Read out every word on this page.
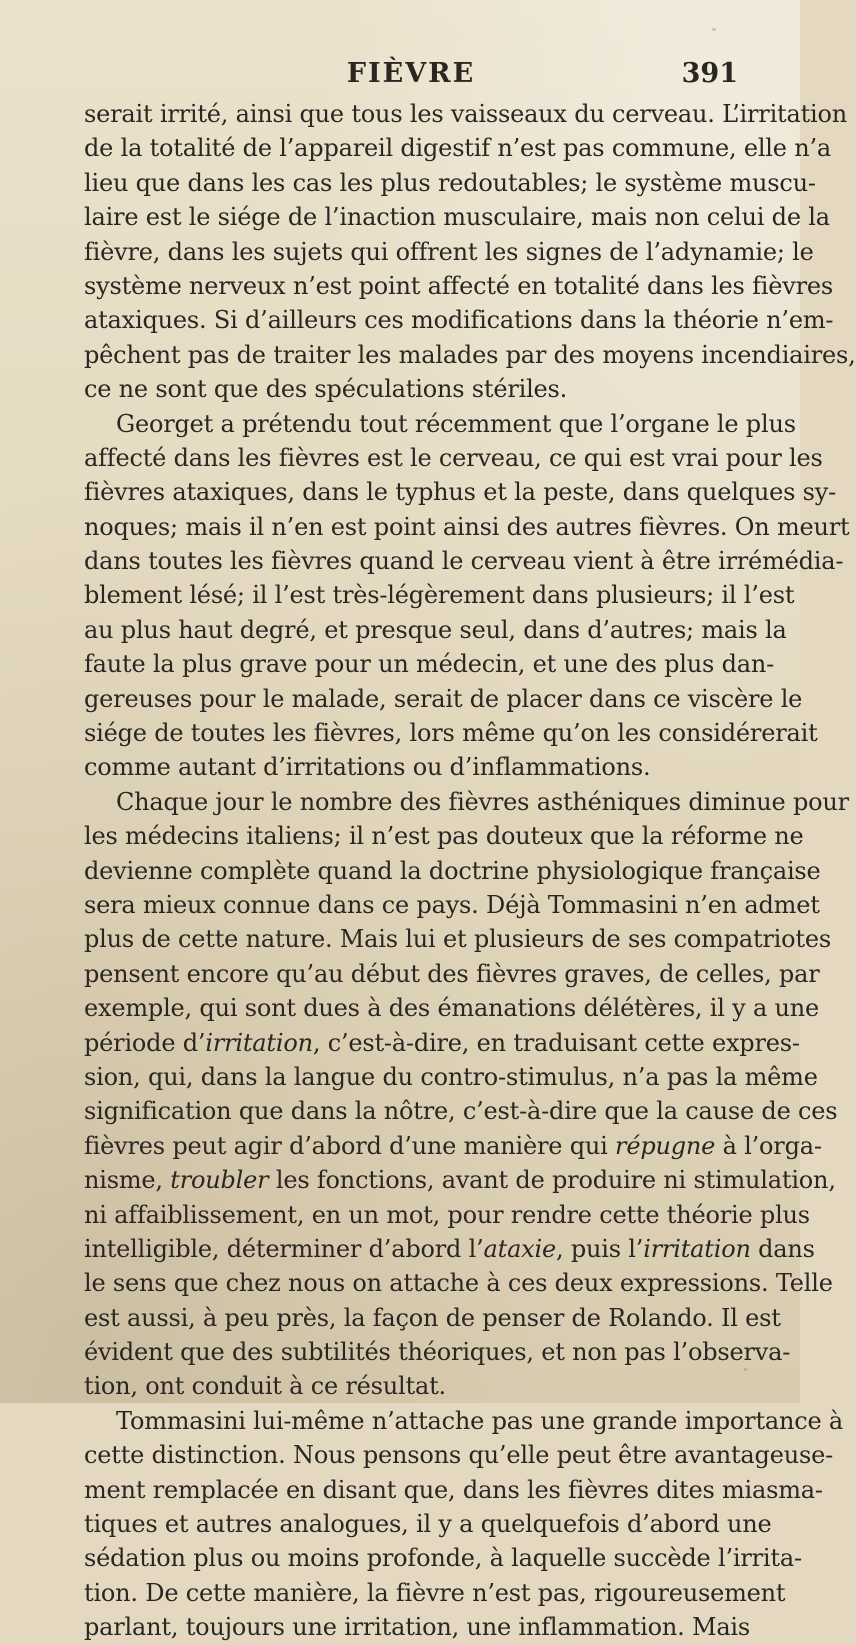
FIÈVRE	391
serait irrité, ainsi que tous les vaisseaux du cerveau. L’irritation
de la totalité de l’appareil digestif n’est pas commune, elle n’a
lieu que dans les cas les plus redoutables; le système muscu-
laire est le siége de l’inaction musculaire, mais non celui de la
fièvre, dans les sujets qui offrent les signes de l’adynamie; le
système nerveux n’est point affecté en totalité dans les fièvres
ataxiques. Si d’ailleurs ces modifications dans la théorie n’em-
pêchent pas de traiter les malades par des moyens incendiaires,
ce ne sont que des spéculations stériles.
Georget a prétendu tout récemment que l’organe le plus
affecté dans les fièvres est le cerveau, ce qui est vrai pour les
fièvres ataxiques, dans le typhus et la peste, dans quelques sy-
noques; mais il n’en est point ainsi des autres fièvres. On meurt
dans toutes les fièvres quand le cerveau vient à être irrémédia-
blement lésé; il l’est très-légèrement dans plusieurs; il l’est
au plus haut degré, et presque seul, dans d’autres; mais la
faute la plus grave pour un médecin, et une des plus dan-
gereuses pour le malade, serait de placer dans ce viscère le
siége de toutes les fièvres, lors même qu’on les considérerait
comme autant d’irritations ou d’inflammations.
Chaque jour le nombre des fièvres asthéniques diminue pour
les médecins italiens; il n’est pas douteux que la réforme ne
devienne complète quand la doctrine physiologique française
sera mieux connue dans ce pays. Déjà Tommasini n’en admet
plus de cette nature. Mais lui et plusieurs de ses compatriotes
pensent encore qu’au début des fièvres graves, de celles, par
exemple, qui sont dues à des émanations délétères, il y a une
période d’irritation, c’est-à-dire, en traduisant cette expres-
sion, qui, dans la langue du contro-stimulus, n’a pas la même
signification que dans la nôtre, c’est-à-dire que la cause de ces
fièvres peut agir d’abord d’une manière qui répugne à l’orga-
nisme, troubler les fonctions, avant de produire ni stimulation,
ni affaiblissement, en un mot, pour rendre cette théorie plus
intelligible, déterminer d’abord l’ataxie, puis l’irritation dans
le sens que chez nous on attache à ces deux expressions. Telle
est aussi, à peu près, la façon de penser de Rolando. Il est
évident que des subtilités théoriques, et non pas l’observa-
tion, ont conduit à ce résultat.
Tommasini lui-même n’attache pas une grande importance à
cette distinction. Nous pensons qu’elle peut être avantageuse-
ment remplacée en disant que, dans les fièvres dites miasma-
tiques et autres analogues, il y a quelquefois d’abord une
sédation plus ou moins profonde, à laquelle succède l’irrita-
tion. De cette manière, la fièvre n’est pas, rigoureusement
parlant, toujours une irritation, une inflammation. Mais
